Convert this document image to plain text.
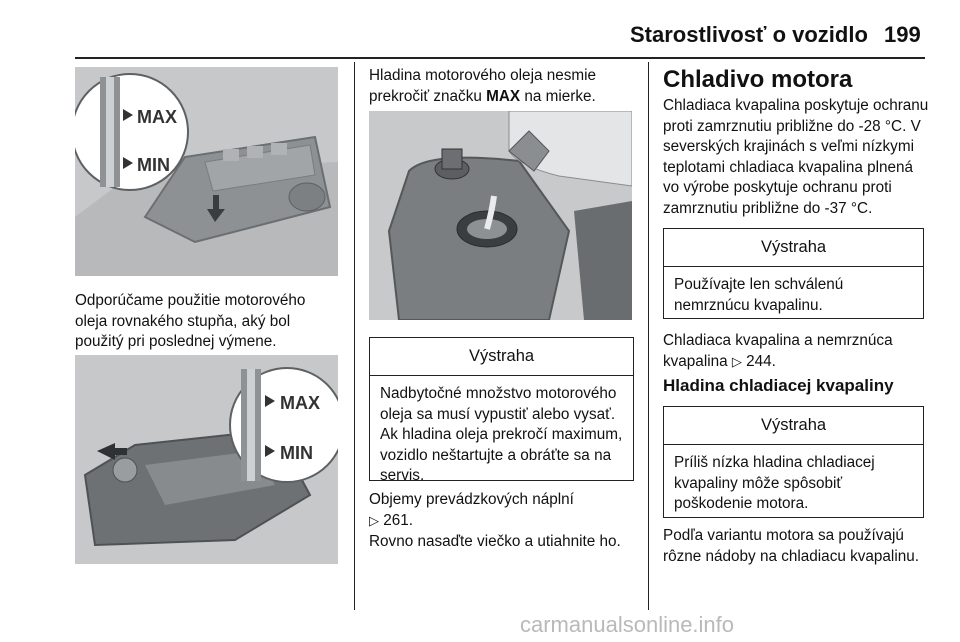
Starostlivosť o vozidlo 199
MAX
MIN
Odporúčame použitie motorového oleja rovnakého stupňa, aký bol použitý pri poslednej výmene.
MAX
MIN
Hladina motorového oleja nesmie prekročiť značku MAX na mierke.
Výstraha
Nadbytočné množstvo motorového oleja sa musí vypustiť alebo vysať. Ak hladina oleja prekročí maximum, vozidlo neštartujte a obráťte sa na servis.
Objemy prevádzkových náplní
▷ 261.
Rovno nasaďte viečko a utiahnite ho.
Chladivo motora
Chladiaca kvapalina poskytuje ochranu proti zamrznutiu približne do -28 °C. V severských krajinách s veľmi nízkymi teplotami chladiaca kvapalina plnená vo výrobe poskytuje ochranu proti zamrznutiu približne do -37 °C.
Výstraha
Používajte len schválenú nemrznúcu kvapalinu.
Chladiaca kvapalina a nemrznúca kvapalina ▷ 244.
Hladina chladiacej kvapaliny
Výstraha
Príliš nízka hladina chladiacej kvapaliny môže spôsobiť poškodenie motora.
Podľa variantu motora sa používajú rôzne nádoby na chladiacu kvapalinu.
carmanualsonline.info
